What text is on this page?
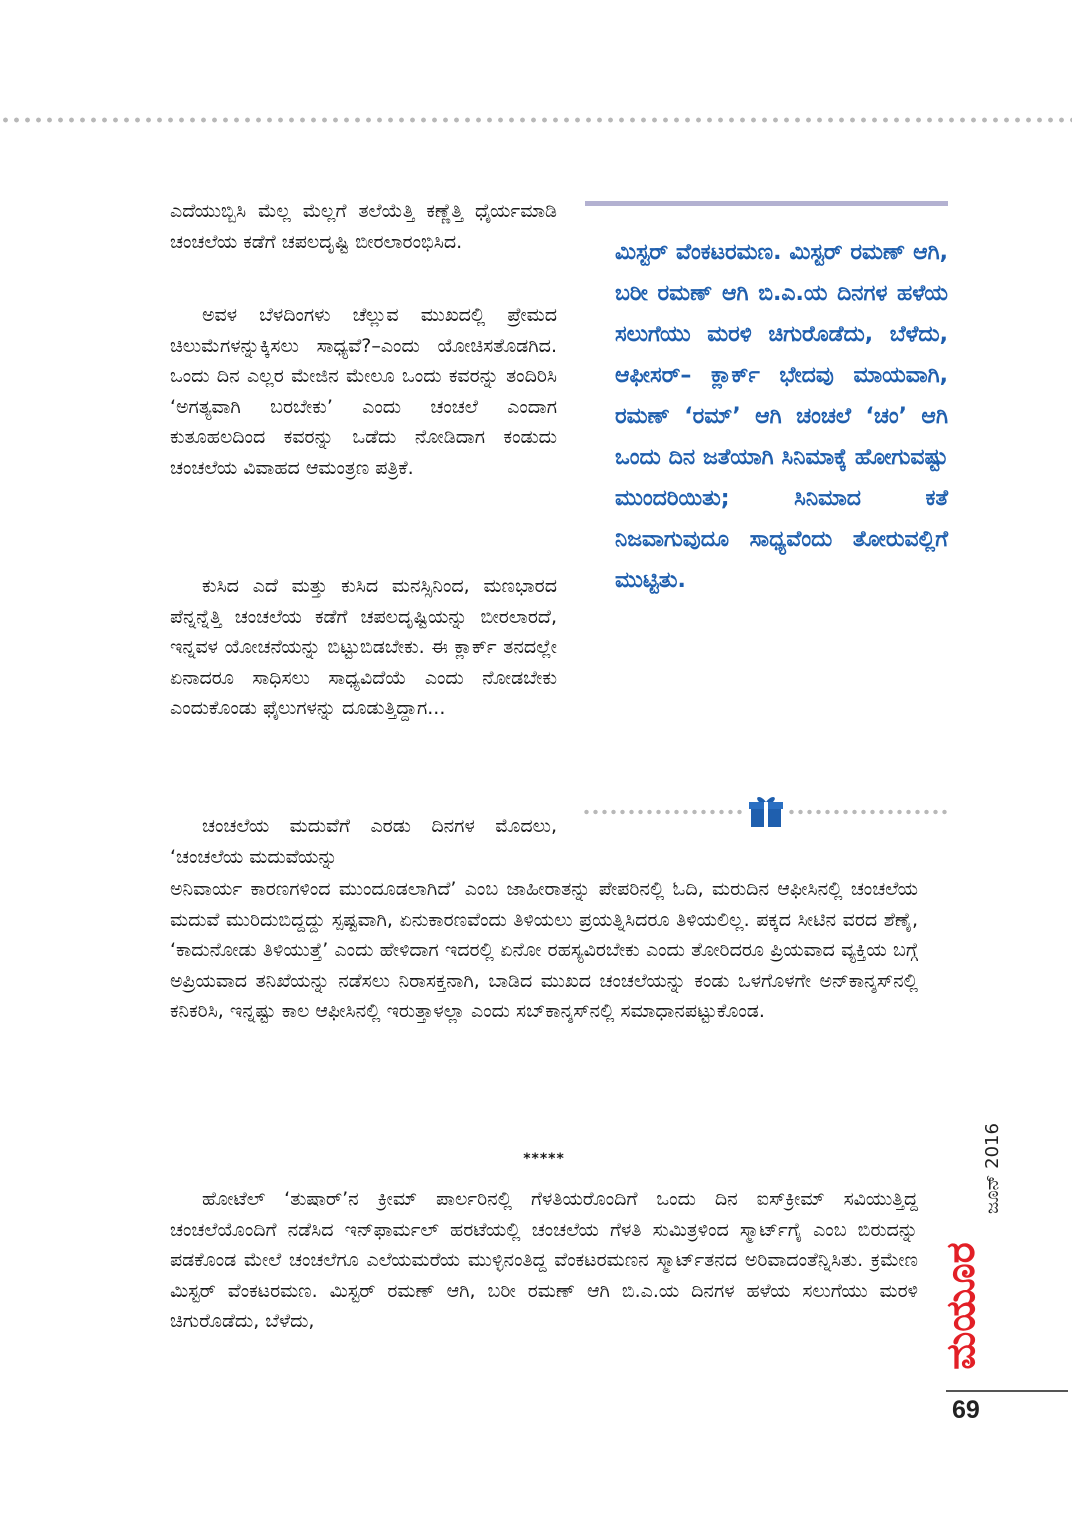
ಮಿಸ್ಟರ್ ವೆಂಕಟರಮಣ. ಮಿಸ್ಟರ್ ರಮಣ್ ಆಗಿ, ಬರೀ ರಮಣ್ ಆಗಿ ಬಿ.ಎ.ಯ ದಿನಗಳ ಹಳೆಯ ಸಲುಗೆಯು ಮರಳಿ ಚಿಗುರೊಡೆದು, ಬೆಳೆದು, ಆಫೀಸರ್– ಕ್ಲಾರ್ಕ್ ಭೇದವು ಮಾಯವಾಗಿ, ರಮಣ್ ‘ರಮ್’ ಆಗಿ ಚಂಚಲೆ ‘ಚಂ’ ಆಗಿ ಒಂದು ದಿನ ಜತೆಯಾಗಿ ಸಿನಿಮಾಕ್ಕೆ ಹೋಗುವಷ್ಟು ಮುಂದರಿಯಿತು; ಸಿನಿಮಾದ ಕತೆ ನಿಜವಾಗುವುದೂ ಸಾಧ್ಯವೆಂದು ತೋರುವಲ್ಲಿಗೆ ಮುಟ್ಟಿತು.

ಎದೆಯುಬ್ಬಿಸಿ ಮೆಲ್ಲ ಮೆಲ್ಲಗೆ ತಲೆಯೆತ್ತಿ ಕಣ್ಣೆತ್ತಿ ಧೈರ್ಯಮಾಡಿ ಚಂಚಲೆಯ ಕಡೆಗೆ ಚಪಲದೃಷ್ಟಿ ಬೀರಲಾರಂಭಿಸಿದ.

ಅವಳ ಬೆಳದಿಂಗಳು ಚೆಲ್ಲುವ ಮುಖದಲ್ಲಿ ಪ್ರೇಮದ ಚಿಲುಮೆಗಳನ್ನುಕ್ಕಿಸಲು ಸಾಧ್ಯವೆ?–ಎಂದು ಯೋಚಿಸತೊಡಗಿದ. ಒಂದು ದಿನ ಎಲ್ಲರ ಮೇಜಿನ ಮೇಲೂ ಒಂದು ಕವರನ್ನು ತಂದಿರಿಸಿ ‘ಅಗತ್ಯವಾಗಿ ಬರಬೇಕು’ ಎಂದು ಚಂಚಲೆ ಎಂದಾಗ ಕುತೂಹಲದಿಂದ ಕವರನ್ನು ಒಡೆದು ನೋಡಿದಾಗ ಕಂಡುದು ಚಂಚಲೆಯ ವಿವಾಹದ ಆಮಂತ್ರಣ ಪತ್ರಿಕೆ.

ಕುಸಿದ ಎದೆ ಮತ್ತು ಕುಸಿದ ಮನಸ್ಸಿನಿಂದ, ಮಣಭಾರದ ಪೆನ್ನನ್ನೆತ್ತಿ ಚಂಚಲೆಯ ಕಡೆಗೆ ಚಪಲದೃಷ್ಟಿಯನ್ನು ಬೀರಲಾರದೆ, ಇನ್ನವಳ ಯೋಚನೆಯನ್ನು ಬಿಟ್ಟುಬಿಡಬೇಕು. ಈ ಕ್ಲಾರ್ಕ್ ತನದಲ್ಲೇ ಏನಾದರೂ ಸಾಧಿಸಲು ಸಾಧ್ಯವಿದೆಯೆ ಎಂದು ನೋಡಬೇಕು ಎಂದುಕೊಂಡು ಫೈಲುಗಳನ್ನು ದೂಡುತ್ತಿದ್ದಾಗ...

ಚಂಚಲೆಯ ಮದುವೆಗೆ ಎರಡು ದಿನಗಳ ಮೊದಲು, ‘ಚಂಚಲೆಯ ಮದುವೆಯನ್ನು

ಅನಿವಾರ್ಯ ಕಾರಣಗಳಿಂದ ಮುಂದೂಡಲಾಗಿದೆ’ ಎಂಬ ಜಾಹೀರಾತನ್ನು ಪೇಪರಿನಲ್ಲಿ ಓದಿ, ಮರುದಿನ ಆಫೀಸಿನಲ್ಲಿ ಚಂಚಲೆಯ ಮದುವೆ ಮುರಿದುಬಿದ್ದದ್ದು ಸ್ಪಷ್ಟವಾಗಿ, ಏನುಕಾರಣವೆಂದು ತಿಳಿಯಲು ಪ್ರಯತ್ನಿಸಿದರೂ ತಿಳಿಯಲಿಲ್ಲ. ಪಕ್ಕದ ಸೀಟಿನ ವರದ ಶೆಣೈ, ‘ಕಾದುನೋಡು ತಿಳಿಯುತ್ತೆ’ ಎಂದು ಹೇಳಿದಾಗ ಇದರಲ್ಲಿ ಏನೋ ರಹಸ್ಯವಿರಬೇಕು ಎಂದು ತೋರಿದರೂ ಪ್ರಿಯವಾದ ವ್ಯಕ್ತಿಯ ಬಗ್ಗೆ ಅಪ್ರಿಯವಾದ ತನಿಖೆಯನ್ನು ನಡೆಸಲು ನಿರಾಸಕ್ತನಾಗಿ, ಬಾಡಿದ ಮುಖದ ಚಂಚಲೆಯನ್ನು ಕಂಡು ಒಳಗೊಳಗೇ ಅನ್‌ಕಾನ್ಶಸ್‌ನಲ್ಲಿ ಕನಿಕರಿಸಿ, ಇನ್ನಷ್ಟು ಕಾಲ ಆಫೀಸಿನಲ್ಲಿ ಇರುತ್ತಾಳಲ್ಲಾ ಎಂದು ಸಬ್‌ಕಾನ್ಶಸ್‌ನಲ್ಲಿ ಸಮಾಧಾನಪಟ್ಟುಕೊಂಡ.

*****

ಹೋಟೆಲ್ ‘ತುಷಾರ್’ನ ಕ್ರೀಮ್ ಪಾರ್ಲರಿನಲ್ಲಿ ಗೆಳತಿಯರೊಂದಿಗೆ ಒಂದು ದಿನ ಐಸ್‌ಕ್ರೀಮ್ ಸವಿಯುತ್ತಿದ್ದ ಚಂಚಲೆಯೊಂದಿಗೆ ನಡೆಸಿದ ಇನ್‌ಫಾರ್ಮಲ್ ಹರಟೆಯಲ್ಲಿ ಚಂಚಲೆಯ ಗೆಳತಿ ಸುಮಿತ್ರಳಿಂದ ಸ್ಮಾರ್ಟ್‌ಗೈ ಎಂಬ ಬಿರುದನ್ನು ಪಡಕೊಂಡ ಮೇಲೆ ಚಂಚಲೆಗೂ ಎಲೆಯಮರೆಯ ಮುಳ್ಳಿನಂತಿದ್ದ ವೆಂಕಟರಮಣನ ಸ್ಮಾರ್ಟ್‌ತನದ ಅರಿವಾದಂತೆನ್ನಿಸಿತು. ಕ್ರಮೇಣ ಮಿಸ್ಟರ್ ವೆಂಕಟರಮಣ. ಮಿಸ್ಟರ್ ರಮಣ್ ಆಗಿ, ಬರೀ ರಮಣ್ ಆಗಿ ಬಿ.ಎ.ಯ ದಿನಗಳ ಹಳೆಯ ಸಲುಗೆಯು ಮರಳಿ ಚಿಗುರೊಡೆದು, ಬೆಳೆದು,

ಜೂನ್ 2016
ಮಯೂರ
69
